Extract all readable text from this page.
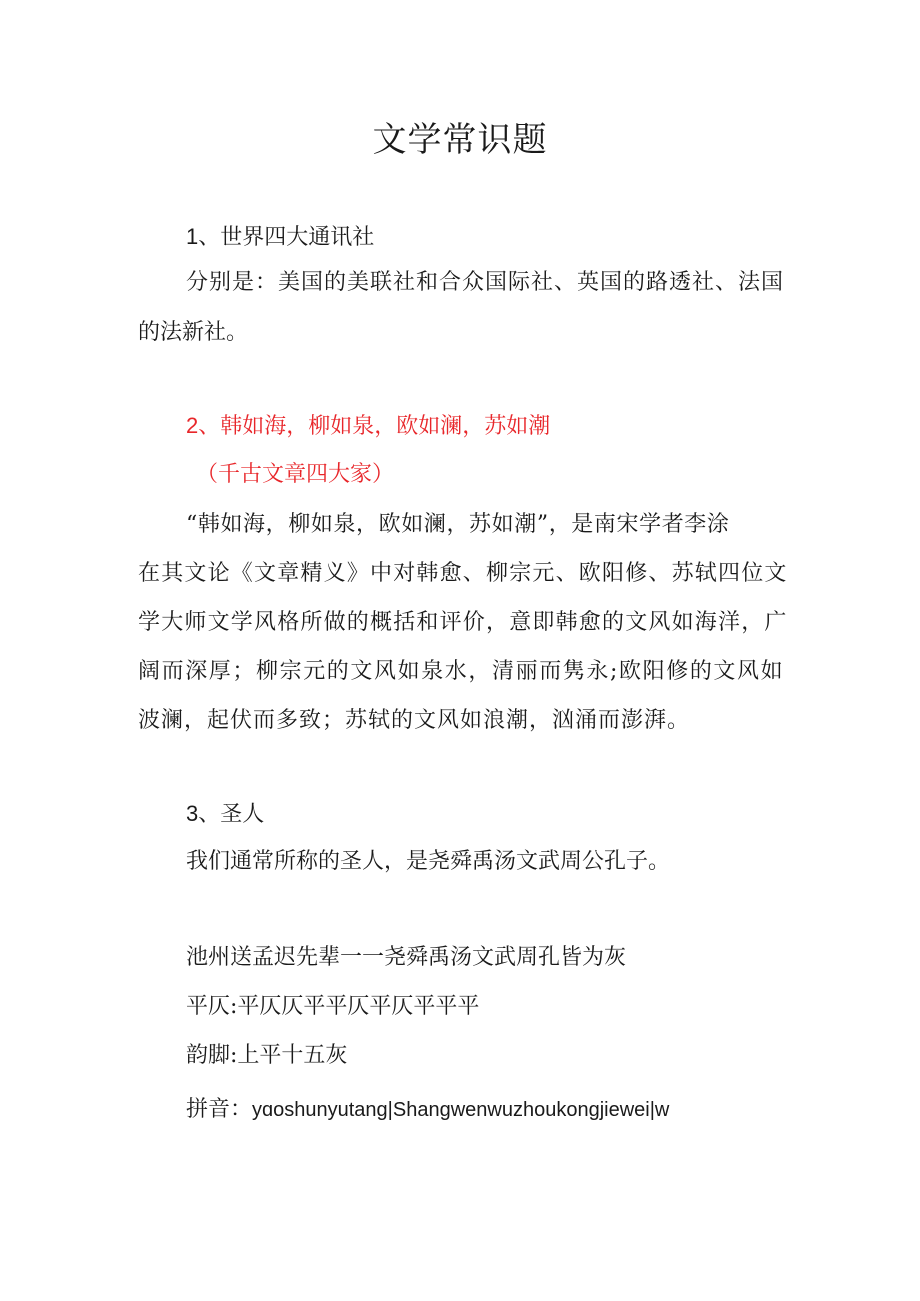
文学常识题

1、世界四大通讯社

分别是：美国的美联社和合众国际社、英国的路透社、法国

的法新社。

2、韩如海，柳如泉，欧如澜，苏如潮

（千古文章四大家）

“韩如海，柳如泉，欧如澜，苏如潮”，是南宋学者李涂

在其文论《文章精义》中对韩愈、柳宗元、欧阳修、苏轼四位文

学大师文学风格所做的概括和评价，意即韩愈的文风如海洋，广

阔而深厚；柳宗元的文风如泉水，清丽而隽永;欧阳修的文风如

波澜，起伏而多致；苏轼的文风如浪潮，汹涌而澎湃。

3、圣人

我们通常所称的圣人，是尧舜禹汤文武周公孔子。

池州送孟迟先辈一一尧舜禹汤文武周孔皆为灰

平仄:平仄仄平平仄平仄平平平

韵脚:上平十五灰

拼音：yɑoshunyutang|Shangwenwuzhoukongjiewei|w
